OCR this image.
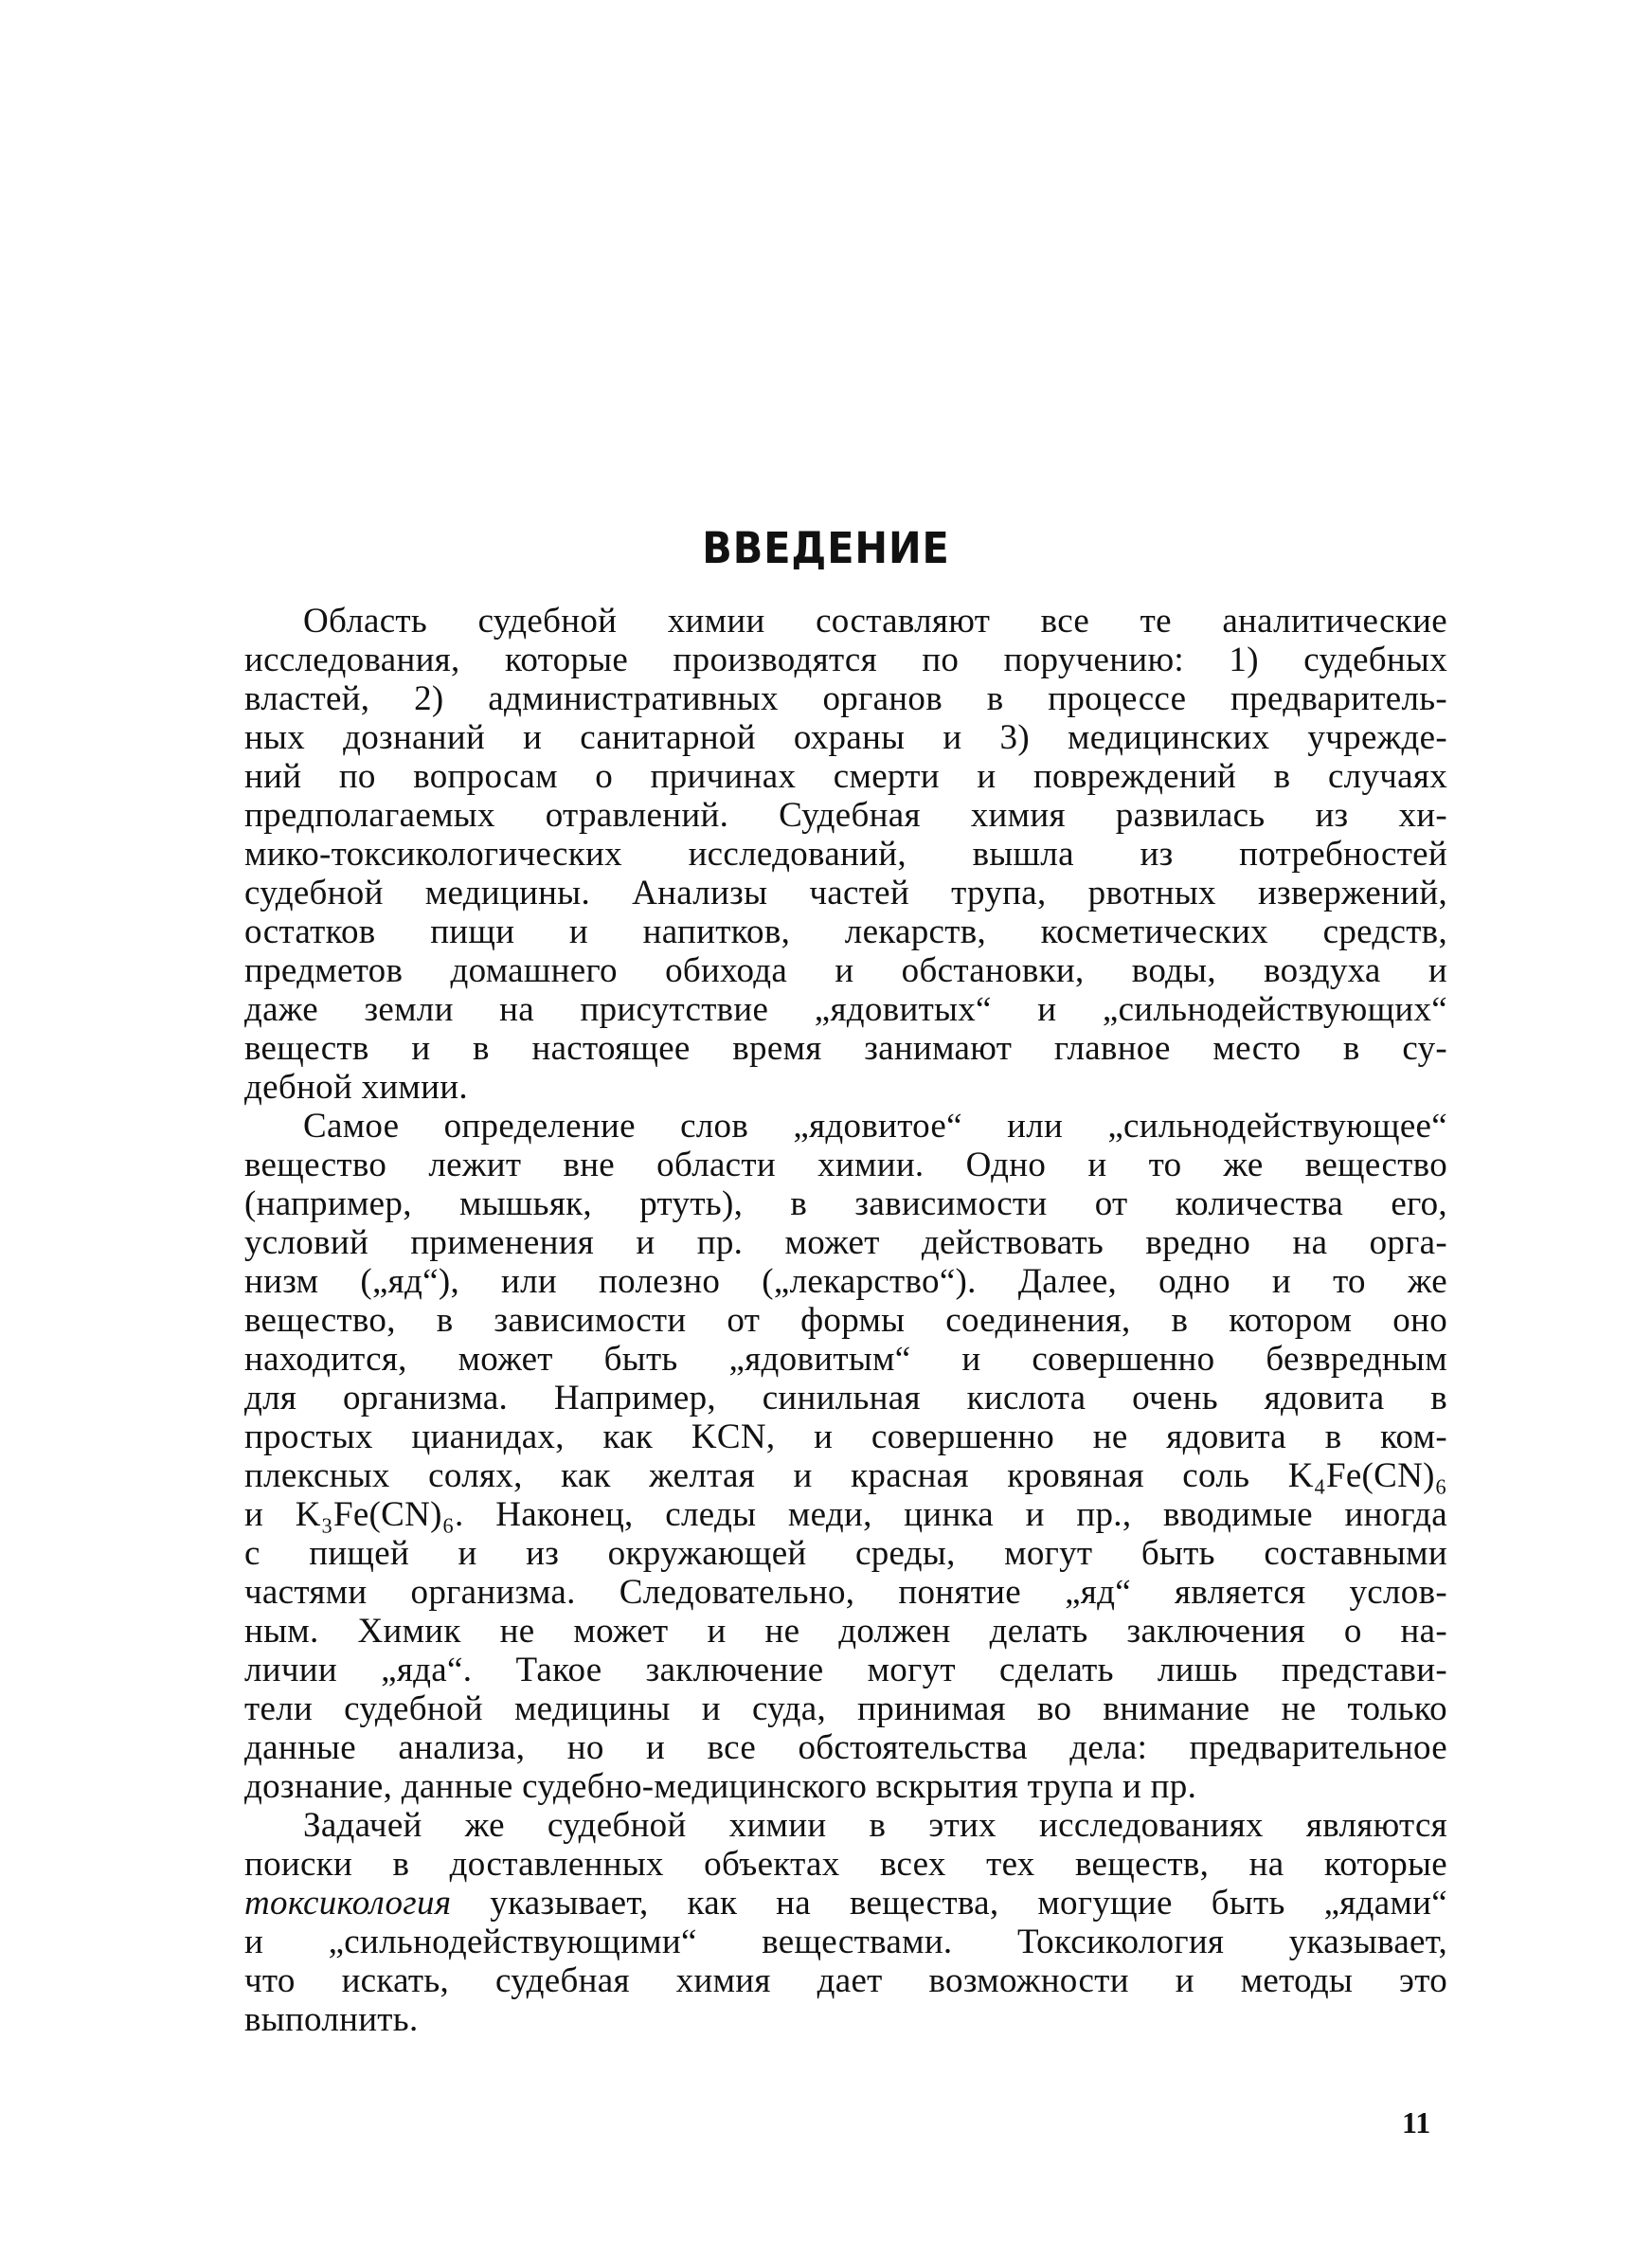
ВВЕДЕНИЕ
Область судебной химии составляют все те аналитические
исследования, которые производятся по поручению: 1) судебных
властей, 2) административных органов в процессе предваритель-
ных дознаний и санитарной охраны и 3) медицинских учрежде-
ний по вопросам о причинах смерти и повреждений в случаях
предполагаемых отравлений. Судебная химия развилась из хи-
мико-токсикологических исследований, вышла из потребностей
судебной медицины. Анализы частей трупа, рвотных извержений,
остатков пищи и напитков, лекарств, косметических средств,
предметов домашнего обихода и обстановки, воды, воздуха и
даже земли на присутствие „ядовитых“ и „сильнодействующих“
веществ и в настоящее время занимают главное место в су-
дебной химии.
Самое определение слов „ядовитое“ или „сильнодействующее“
вещество лежит вне области химии. Одно и то же вещество
(например, мышьяк, ртуть), в зависимости от количества его,
условий применения и пр. может действовать вредно на орга-
низм („яд“), или полезно („лекарство“). Далее, одно и то же
вещество, в зависимости от формы соединения, в котором оно
находится, может быть „ядовитым“ и совершенно безвредным
для организма. Например, синильная кислота очень ядовита в
простых цианидах, как KCN, и совершенно не ядовита в ком-
плексных солях, как желтая и красная кровяная соль K₄Fe(CN)₆
и K₃Fe(CN)₆. Наконец, следы меди, цинка и пр., вводимые иногда
с пищей и из окружающей среды, могут быть составными
частями организма. Следовательно, понятие „яд“ является услов-
ным. Химик не может и не должен делать заключения о на-
личии „яда“. Такое заключение могут сделать лишь представи-
тели судебной медицины и суда, принимая во внимание не только
данные анализа, но и все обстоятельства дела: предварительное
дознание, данные судебно-медицинского вскрытия трупа и пр.
Задачей же судебной химии в этих исследованиях являются
поиски в доставленных объектах всех тех веществ, на которые
токсикология указывает, как на вещества, могущие быть „ядами“
и „сильнодействующими“ веществами. Токсикология указывает,
что искать, судебная химия дает возможности и методы это
выполнить.
11
